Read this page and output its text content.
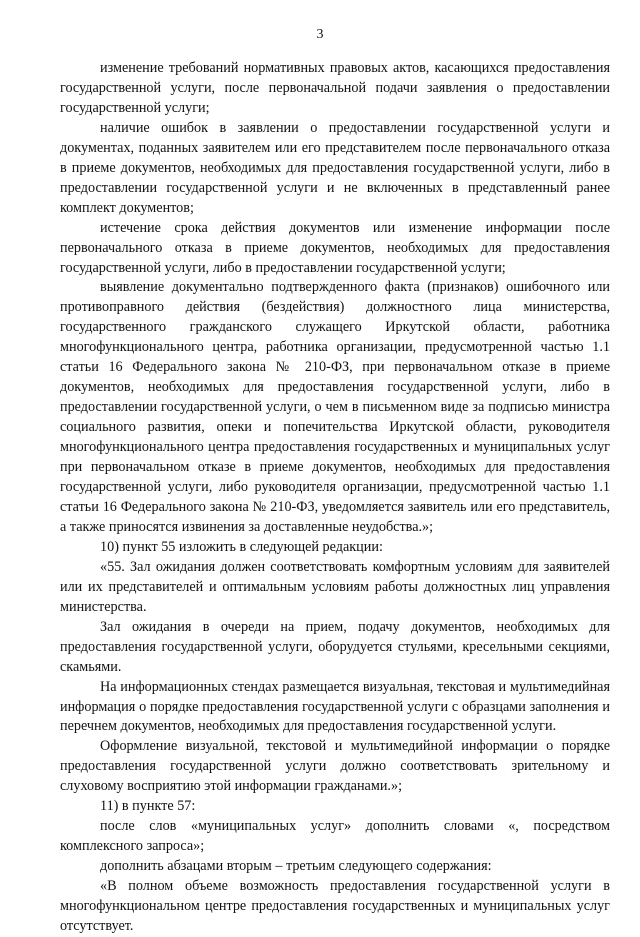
3

изменение требований нормативных правовых актов, касающихся предоставления государственной услуги, после первоначальной подачи заявления о предоставлении государственной услуги;

наличие ошибок в заявлении о предоставлении государственной услуги и документах, поданных заявителем или его представителем после первоначального отказа в приеме документов, необходимых для предоставления государственной услуги, либо в предоставлении государственной услуги и не включенных в представленный ранее комплект документов;

истечение срока действия документов или изменение информации после первоначального отказа в приеме документов, необходимых для предоставления государственной услуги, либо в предоставлении государственной услуги;

выявление документально подтвержденного факта (признаков) ошибочного или противоправного действия (бездействия) должностного лица министерства, государственного гражданского служащего Иркутской области, работника многофункционального центра, работника организации, предусмотренной частью 1.1 статьи 16 Федерального закона № 210-ФЗ, при первоначальном отказе в приеме документов, необходимых для предоставления государственной услуги, либо в предоставлении государственной услуги, о чем в письменном виде за подписью министра социального развития, опеки и попечительства Иркутской области, руководителя многофункционального центра предоставления государственных и муниципальных услуг при первоначальном отказе в приеме документов, необходимых для предоставления государственной услуги, либо руководителя организации, предусмотренной частью 1.1 статьи 16 Федерального закона № 210-ФЗ, уведомляется заявитель или его представитель, а также приносятся извинения за доставленные неудобства.»;

10) пункт 55 изложить в следующей редакции:

«55. Зал ожидания должен соответствовать комфортным условиям для заявителей или их представителей и оптимальным условиям работы должностных лиц управления министерства.

Зал ожидания в очереди на прием, подачу документов, необходимых для предоставления государственной услуги, оборудуется стульями, кресельными секциями, скамьями.

На информационных стендах размещается визуальная, текстовая и мультимедийная информация о порядке предоставления государственной услуги с образцами заполнения и перечнем документов, необходимых для предоставления государственной услуги.

Оформление визуальной, текстовой и мультимедийной информации о порядке предоставления государственной услуги должно соответствовать зрительному и слуховому восприятию этой информации гражданами.»;

11) в пункте 57:

после слов «муниципальных услуг» дополнить словами «, посредством комплексного запроса»;

дополнить абзацами вторым – третьим следующего содержания:

«В полном объеме возможность предоставления государственной услуги в многофункциональном центре предоставления государственных и муниципальных услуг отсутствует.
